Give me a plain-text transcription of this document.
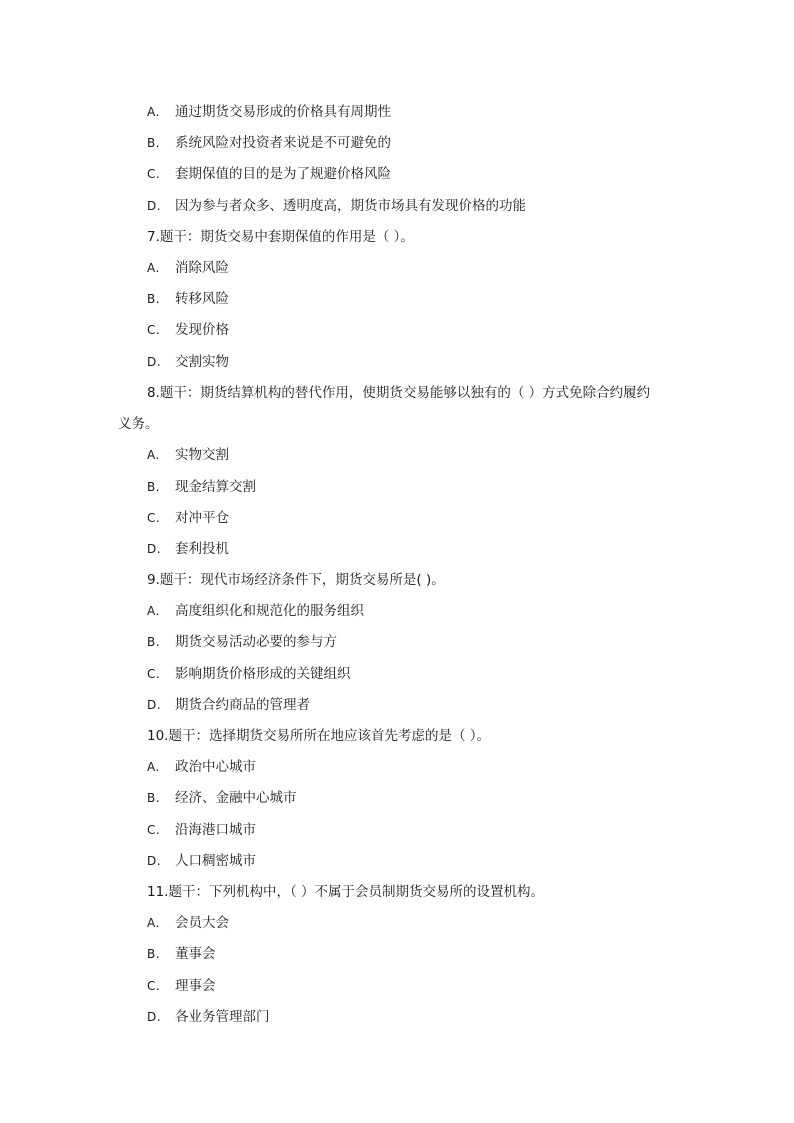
A. 通过期货交易形成的价格具有周期性
B. 系统风险对投资者来说是不可避免的
C. 套期保值的目的是为了规避价格风险
D. 因为参与者众多、透明度高，期货市场具有发现价格的功能
7.题干：期货交易中套期保值的作用是（ ）。
A. 消除风险
B. 转移风险
C. 发现价格
D. 交割实物
8.题干：期货结算机构的替代作用，使期货交易能够以独有的（ ）方式免除合约履约
义务。
A. 实物交割
B. 现金结算交割
C. 对冲平仓
D. 套利投机
9.题干：现代市场经济条件下，期货交易所是( )。
A. 高度组织化和规范化的服务组织
B. 期货交易活动必要的参与方
C. 影响期货价格形成的关键组织
D. 期货合约商品的管理者
10.题干：选择期货交易所所在地应该首先考虑的是（ ）。
A. 政治中心城市
B. 经济、金融中心城市
C. 沿海港口城市
D. 人口稠密城市
11.题干：下列机构中，（ ）不属于会员制期货交易所的设置机构。
A. 会员大会
B. 董事会
C. 理事会
D. 各业务管理部门
